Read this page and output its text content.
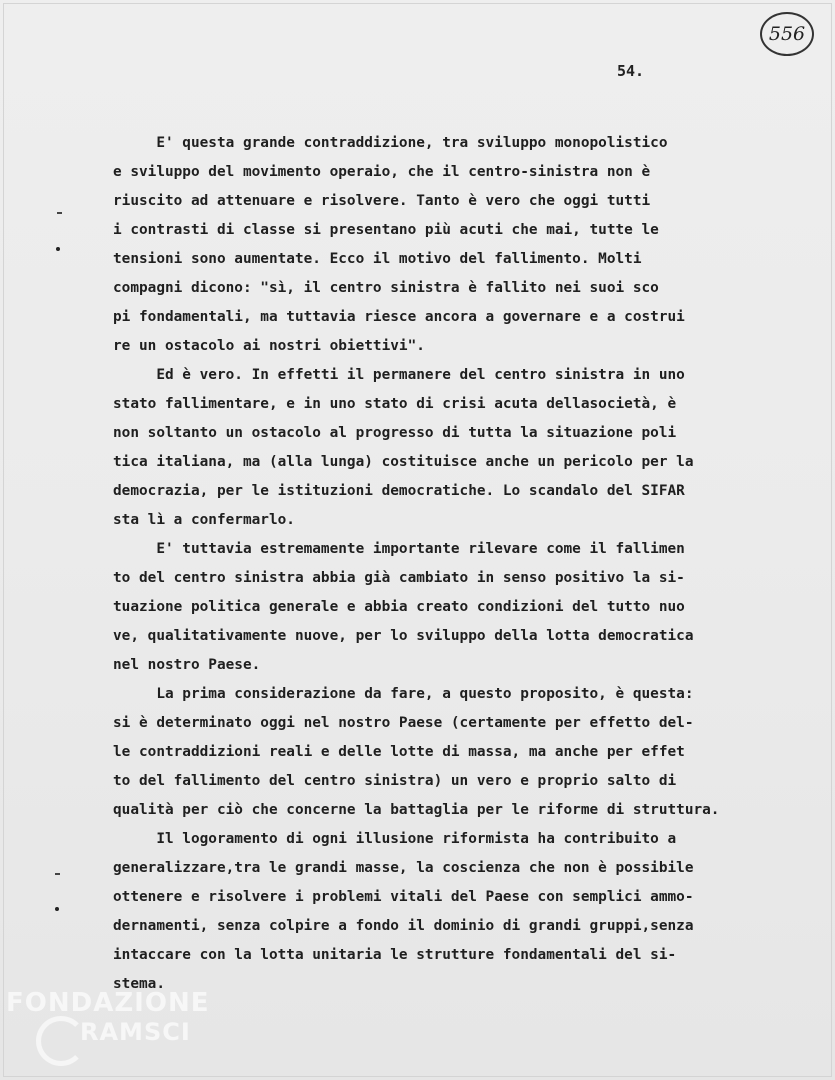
556
54.
E' questa grande contraddizione, tra sviluppo monopolistico
e sviluppo del movimento operaio, che il centro-sinistra non è
riuscito ad attenuare e risolvere. Tanto è vero che oggi tutti
i contrasti di classe si presentano più acuti che mai, tutte le
tensioni sono aumentate. Ecco il motivo del fallimento. Molti
compagni dicono: "sì, il centro sinistra è fallito nei suoi sco
pi fondamentali, ma tuttavia riesce ancora a governare e a costrui
re un ostacolo ai nostri obiettivi".
Ed è vero. In effetti il permanere del centro sinistra in uno
stato fallimentare, e in uno stato di crisi acuta dellasocietà, è
non soltanto un ostacolo al progresso di tutta la situazione poli
tica italiana, ma (alla lunga) costituisce anche un pericolo per la
democrazia, per le istituzioni democratiche. Lo scandalo del SIFAR
sta lì a confermarlo.
E' tuttavia estremamente importante rilevare come il fallimen
to del centro sinistra abbia già cambiato in senso positivo la si-
tuazione politica generale e abbia creato condizioni del tutto nuo
ve, qualitativamente nuove, per lo sviluppo della lotta democratica
nel nostro Paese.
La prima considerazione da fare, a questo proposito, è questa:
si è determinato oggi nel nostro Paese (certamente per effetto del-
le contraddizioni reali e delle lotte di massa, ma anche per effet
to del fallimento del centro sinistra) un vero e proprio salto di
qualità per ciò che concerne la battaglia per le riforme di struttura.
Il logoramento di ogni illusione riformista ha contribuito a
generalizzare,tra le grandi masse, la coscienza che non è possibile
ottenere e risolvere i problemi vitali del Paese con semplici ammo-
dernamenti, senza colpire a fondo il dominio di grandi gruppi,senza
intaccare con la lotta unitaria le strutture fondamentali del si-
stema.
FONDAZIONE
RAMSCI
